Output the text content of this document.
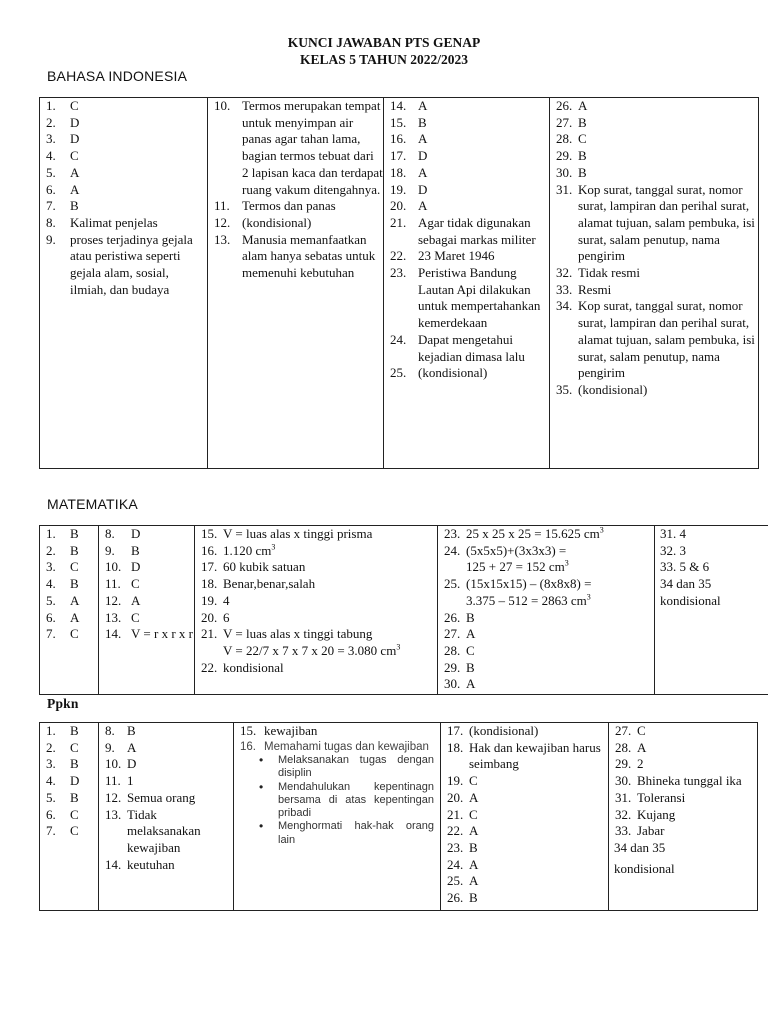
KUNCI JAWABAN PTS GENAP
KELAS 5 TAHUN 2022/2023
BAHASA INDONESIA
1. C
2. D
3. D
4. C
5. A
6. A
7. B
8. Kalimat penjelas
9. proses terjadinya gejala atau peristiwa seperti gejala alam, sosial, ilmiah, dan budaya

10. Termos merupakan tempat untuk menyimpan air panas agar tahan lama, bagian termos tebuat dari 2 lapisan kaca dan terdapat ruang vakum ditengahnya.
11. Termos dan panas
12. (kondisional)
13. Manusia memanfaatkan alam hanya sebatas untuk memenuhi kebutuhan

14. A
15. B
16. A
17. D
18. A
19. D
20. A
21. Agar tidak digunakan sebagai markas militer
22. 23 Maret 1946
23. Peristiwa Bandung Lautan Api dilakukan untuk mempertahankan kemerdekaan
24. Dapat mengetahui kejadian dimasa lalu
25. (kondisional)

26. A
27. B
28. C
29. B
30. B
31. Kop surat, tanggal surat, nomor surat, lampiran dan perihal surat, alamat tujuan, salam pembuka, isi surat, salam penutup, nama pengirim
32. Tidak resmi
33. Resmi
34. Kop surat, tanggal surat, nomor surat, lampiran dan perihal surat, alamat tujuan, salam pembuka, isi surat, salam penutup, nama pengirim
35. (kondisional)
MATEMATIKA
1. B
2. B
3. C
4. B
5. A
6. A
7. C

8. D
9. B
10. D
11. C
12. A
13. C
14. V = r x r x r

15. V = luas alas x tinggi prisma
16. 1.120 $cm^3$
17. 60 kubik satuan
18. Benar,benar,salah
19. 4
20. 6
21. V = luas alas x tinggi tabung
V = 22/7 x 7 x 7 x 20 = 3.080 $cm^3$
22. kondisional

23. 25 x 25 x 25 = 15.625 $cm^3$
24. (5x5x5)+(3x3x3) =
125 + 27 = 152 $cm^3$
25. (15x15x15) – (8x8x8) =
3.375 – 512 = 2863 $cm^3$
26. B
27. A
28. C
29. B
30. A

31. 4
32. 3
33. 5 & 6
34 dan 35
kondisional
Ppkn
1. B
2. C
3. B
4. D
5. B
6. C
7. C

8. B
9. A
10. D
11. 1
12. Semua orang
13. Tidak melaksanakan kewajiban
14. keutuhan

15. kewajiban
16. Memahami tugas dan kewajiban
• Melaksanakan tugas dengan disiplin
• Mendahulukan kepentinagn bersama di atas kepentingan pribadi
• Menghormati hak-hak orang lain

17. (kondisional)
18. Hak dan kewajiban harus seimbang
19. C
20. A
21. C
22. A
23. B
24. A
25. A
26. B

27. C
28. A
29. 2
30. Bhineka tunggal ika
31. Toleransi
32. Kujang
33. Jabar
34 dan 35
kondisional
